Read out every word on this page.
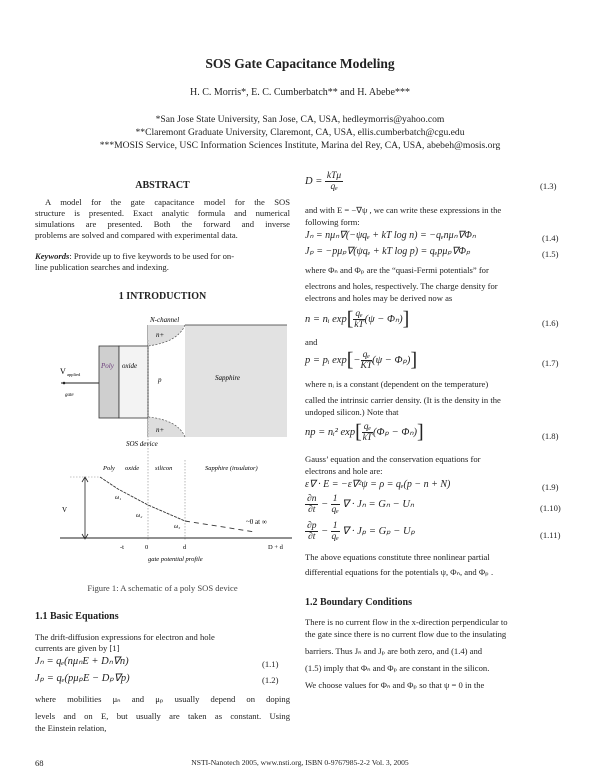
SOS Gate Capacitance Modeling
H. C. Morris*, E. C. Cumberbatch** and H. Abebe***
*San Jose State University, San Jose, CA, USA, hedleymorris@yahoo.com
**Claremont Graduate University, Claremont, CA, USA, ellis.cumberbatch@cgu.edu
***MOSIS Service, USC Information Sciences Institute, Marina del Rey, CA, USA, abebeh@mosis.org
ABSTRACT
A model for the gate capacitance model for the SOS
structure is presented. Exact analytic formula and numerical
simulations are presented. Both the forward and inverse
problems are solved and compared with experimental data.
Keywords: Provide up to five keywords to be used for on-
line publication searches and indexing.
1 INTRODUCTION
N-channel
n+
n+
p
Poly oxide
Sapphire
V applied
gate
SOS device
Poly oxide silicon	Sapphire (insulator)
V
ω₁
ω₂
ω₃
~0 at ∞
-t	0	d	D + d
gate potential profile
Figure 1: A schematic of a poly SOS device
1.1 Basic Equations
The drift-diffusion expressions for electron and hole
currents are given by [1]
Jₙ = qₑ(nμₙE + Dₙ∇n)	(1.1)
Jₚ = qₑ(pμₚE − Dₚ∇p)	(1.2)
where mobilities μₙ and μₚ usually depend on doping
levels and on E, but usually are taken as constant. Using
the Einstein relation,
$D = \frac{\text{kTμ}}{\text{qₑ}}$	(1.3)
and with E = −∇ψ , we can write these expressions in the
following form:
Jₙ = nμₙ∇(−ψqₑ + kT log n) = −qₑnμₙ∇Φₙ	(1.4)
Jₚ = −pμₚ∇(ψqₑ + kT log p) = qₑpμₚ∇Φₚ	(1.5)
where Φₙ and Φₚ are the “quasi-Fermi potentials” for
electrons and holes, respectively. The charge density for
electrons and holes may be derived now as
n = nᵢ $\exp[ \frac{\text{qₑ}}{kT} (\psi - \Phi_n)]$	(1.6)
and
p = pᵢ $\exp[- \frac{\text{qₑ}}{KT} (\psi - \Phi_p)]$	(1.7)
where nᵢ is a constant (dependent on the temperature)
called the intrinsic carrier density. (It is the density in the
undoped silicon.) Note that
np = nᵢ² $\exp[ \frac{\text{qₑ}}{kT} (\Phi_p - \Phi_n)]$	(1.8)
Gauss’ equation and the conservation equations for
electrons and hole are:
ε∇ · E = −ε∇²ψ = ρ = qₑ(p − n + N)	(1.9)
$\frac{\partial n}{\partial t} - \frac{1}{\text{qₑ}}$ ∇ · Jₙ = Gₙ − Uₙ	(1.10)
$\frac{\partial p}{\partial t} - \frac{1}{\text{qₑ}}$ ∇ · Jₚ = Gₚ − Uₚ	(1.11)
The above equations constitute three nonlinear partial
differential equations for the potentials ψ, Φₙ, and Φₚ .
1.2 Boundary Conditions
There is no current flow in the x-direction perpendicular to
the gate since there is no current flow due to the insulating
barriers. Thus Jₙ and Jₚ are both zero, and (1.4) and
(1.5) imply that Φₙ and Φₚ are constant in the silicon.
We choose values for Φₙ and Φₚ so that ψ = 0 in the
68	NSTI-Nanotech 2005, www.nsti.org, ISBN 0-9767985-2-2 Vol. 3, 2005
